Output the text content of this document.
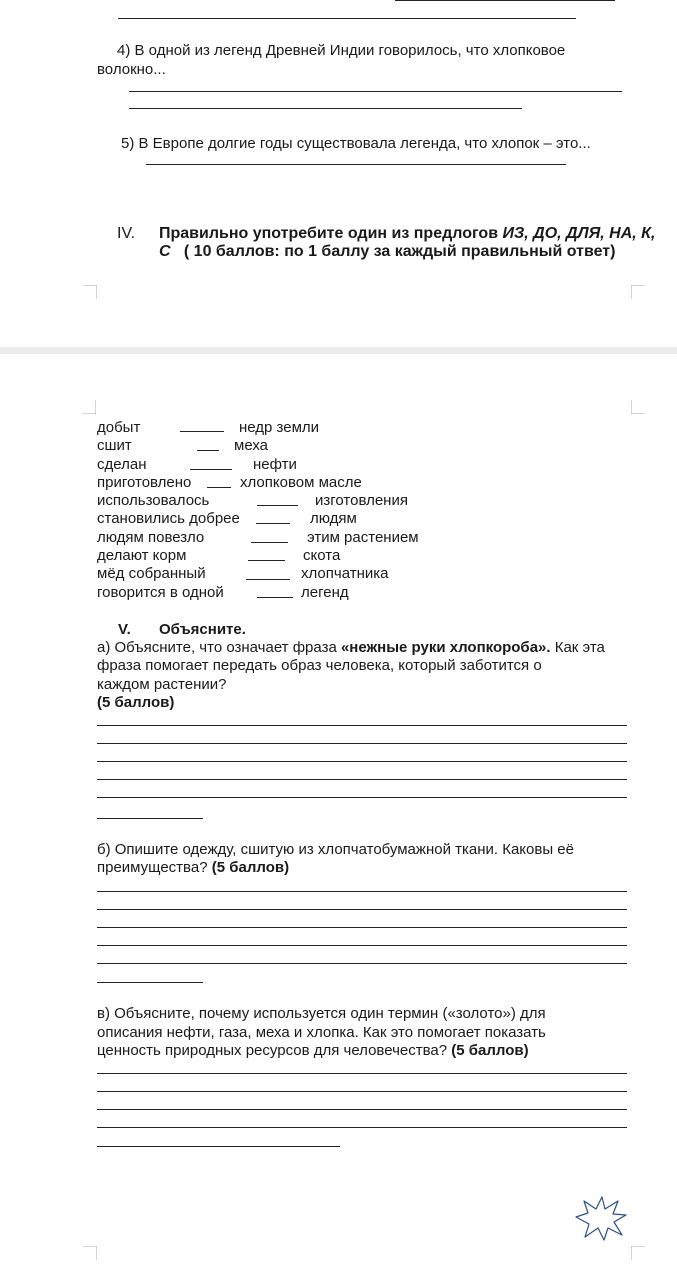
4) В одной из легенд Древней Индии говорилось, что хлопковое
волокно...
5) В Европе долгие годы существовала легенда, что хлопок – это...
IV. Правильно употребите один из предлогов ИЗ, ДО, ДЛЯ, НА, К,
С ( 10 баллов: по 1 баллу за каждый правильный ответ)
добыт	недр земли
сшит	меха
сделан	нефти
приготовлено	хлопковом масле
использовалось	изготовления
становились добрее	людям
людям повезло	этим растением
делают корм	скота
мёд собранный	хлопчатника
говорится в одной	легенд
V. Объясните.
а) Объясните, что означает фраза «нежные руки хлопкороба». Как эта
фраза помогает передать образ человека, который заботится о
каждом растении?
(5 баллов)
б) Опишите одежду, сшитую из хлопчатобумажной ткани. Каковы её
преимущества? (5 баллов)
в) Объясните, почему используется один термин («золото») для
описания нефти, газа, меха и хлопка. Как это помогает показать
ценность природных ресурсов для человечества? (5 баллов)
